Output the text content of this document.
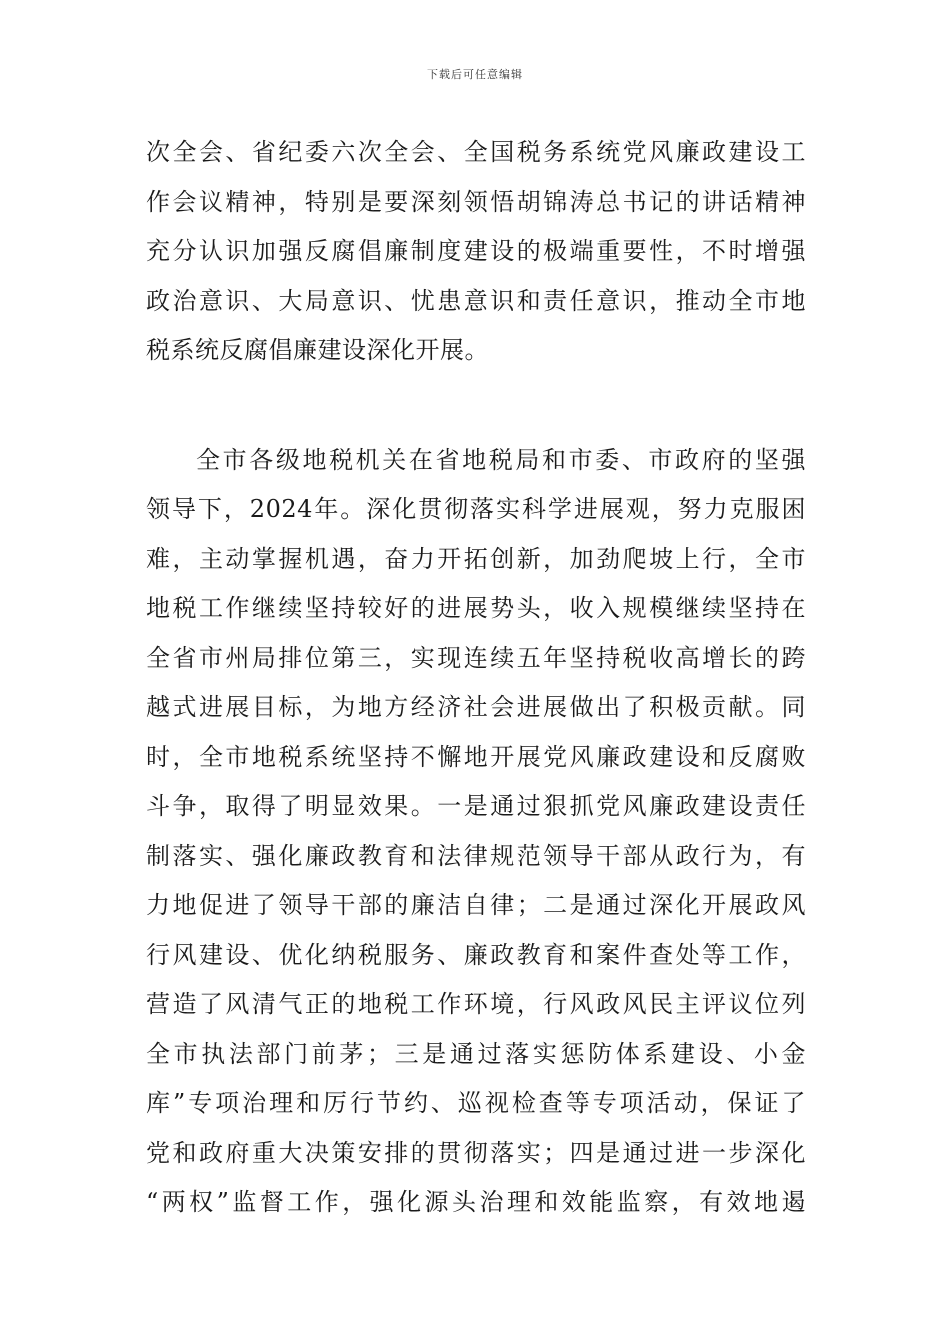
下载后可任意编辑
次全会、省纪委六次全会、全国税务系统党风廉政建设工
作会议精神，特别是要深刻领悟胡锦涛总书记的讲话精神
充分认识加强反腐倡廉制度建设的极端重要性，不时增强
政治意识、大局意识、忧患意识和责任意识，推动全市地
税系统反腐倡廉建设深化开展。
全市各级地税机关在省地税局和市委、市政府的坚强
领导下，2024年。深化贯彻落实科学进展观，努力克服困
难，主动掌握机遇，奋力开拓创新，加劲爬坡上行，全市
地税工作继续坚持较好的进展势头，收入规模继续坚持在
全省市州局排位第三，实现连续五年坚持税收高增长的跨
越式进展目标，为地方经济社会进展做出了积极贡献。同
时，全市地税系统坚持不懈地开展党风廉政建设和反腐败
斗争，取得了明显效果。一是通过狠抓党风廉政建设责任
制落实、强化廉政教育和法律规范领导干部从政行为，有
力地促进了领导干部的廉洁自律；二是通过深化开展政风
行风建设、优化纳税服务、廉政教育和案件查处等工作，
营造了风清气正的地税工作环境，行风政风民主评议位列
全市执法部门前茅；三是通过落实惩防体系建设、小金
库”专项治理和厉行节约、巡视检查等专项活动，保证了
党和政府重大决策安排的贯彻落实；四是通过进一步深化
“两权”监督工作，强化源头治理和效能监察，有效地遏
